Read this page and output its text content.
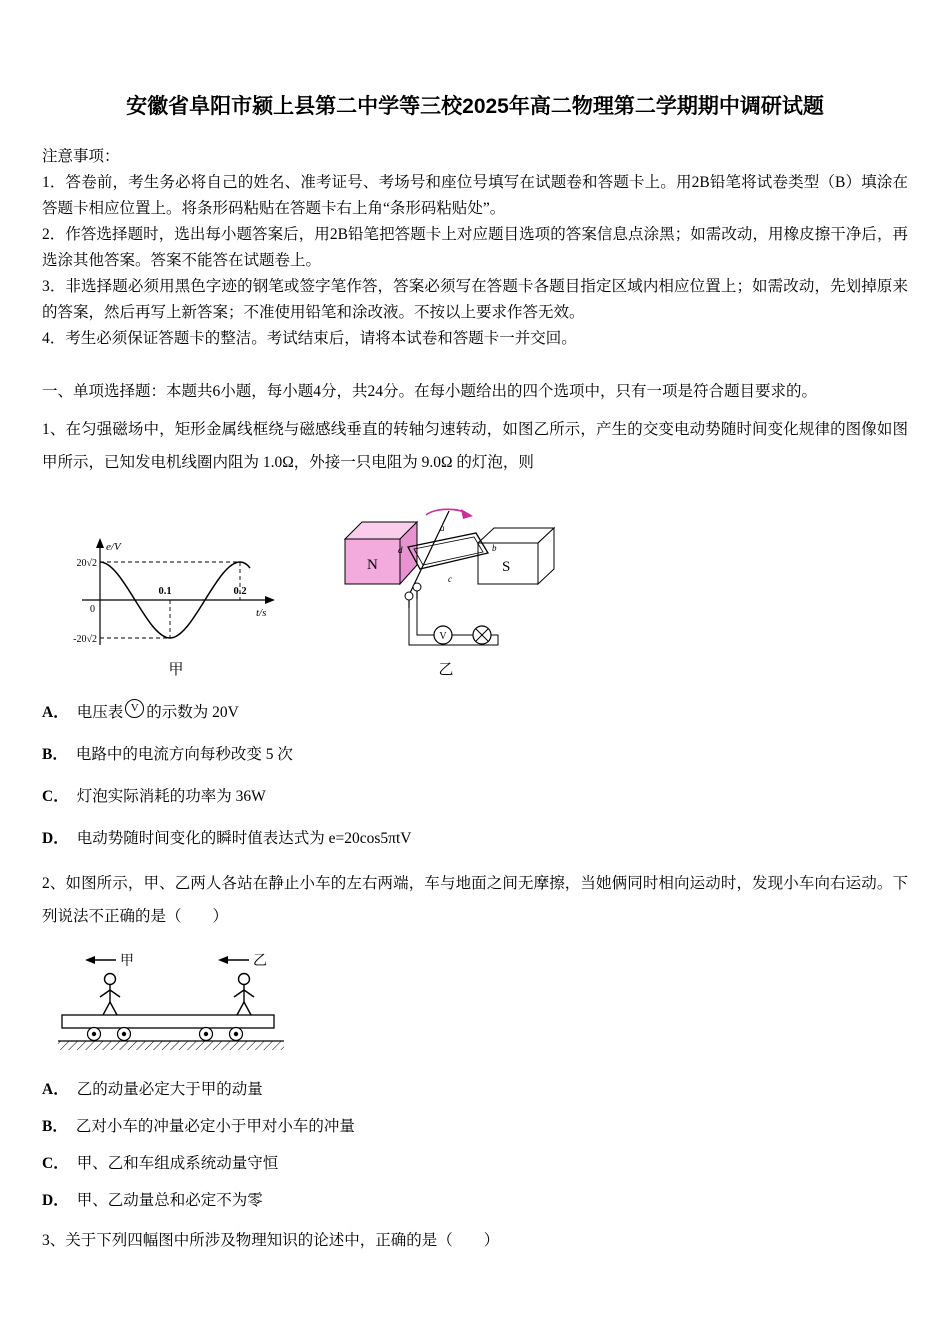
安徽省阜阳市颍上县第二中学等三校2025年高二物理第二学期期中调研试题

注意事项：

1．答卷前，考生务必将自己的姓名、准考证号、考场号和座位号填写在试题卷和答题卡上。用2B铅笔将试卷类型（B）填涂在答题卡相应位置上。将条形码粘贴在答题卡右上角“条形码粘贴处”。

2．作答选择题时，选出每小题答案后，用2B铅笔把答题卡上对应题目选项的答案信息点涂黑；如需改动，用橡皮擦干净后，再选涂其他答案。答案不能答在试题卷上。

3．非选择题必须用黑色字迹的钢笔或签字笔作答，答案必须写在答题卡各题目指定区域内相应位置上；如需改动，先划掉原来的答案，然后再写上新答案；不准使用铅笔和涂改液。不按以上要求作答无效。

4．考生必须保证答题卡的整洁。考试结束后，请将本试卷和答题卡一并交回。

一、单项选择题：本题共6小题，每小题4分，共24分。在每小题给出的四个选项中，只有一项是符合题目要求的。

1、在匀强磁场中，矩形金属线框绕与磁感线垂直的转轴匀速转动，如图乙所示，产生的交变电动势随时间变化规律的图像如图甲所示，已知发电机线圈内阻为 1.0Ω，外接一只电阻为 9.0Ω 的灯泡，则

e/V
t/s
20√2
-20√2
0
0.1	0.2
甲
N	S
a
b
c
d
V
乙

A． 电压表 V 的示数为 20V

B． 电路中的电流方向每秒改变 5 次

C． 灯泡实际消耗的功率为 36W

D． 电动势随时间变化的瞬时值表达式为 e=20cos5πtV

2、如图所示，甲、乙两人各站在静止小车的左右两端，车与地面之间无摩擦，当她俩同时相向运动时，发现小车向右运动。下列说法不正确的是（　　）

甲	乙

A． 乙的动量必定大于甲的动量

B． 乙对小车的冲量必定小于甲对小车的冲量

C． 甲、乙和车组成系统动量守恒

D． 甲、乙动量总和必定不为零

3、关于下列四幅图中所涉及物理知识的论述中，正确的是（　　）
